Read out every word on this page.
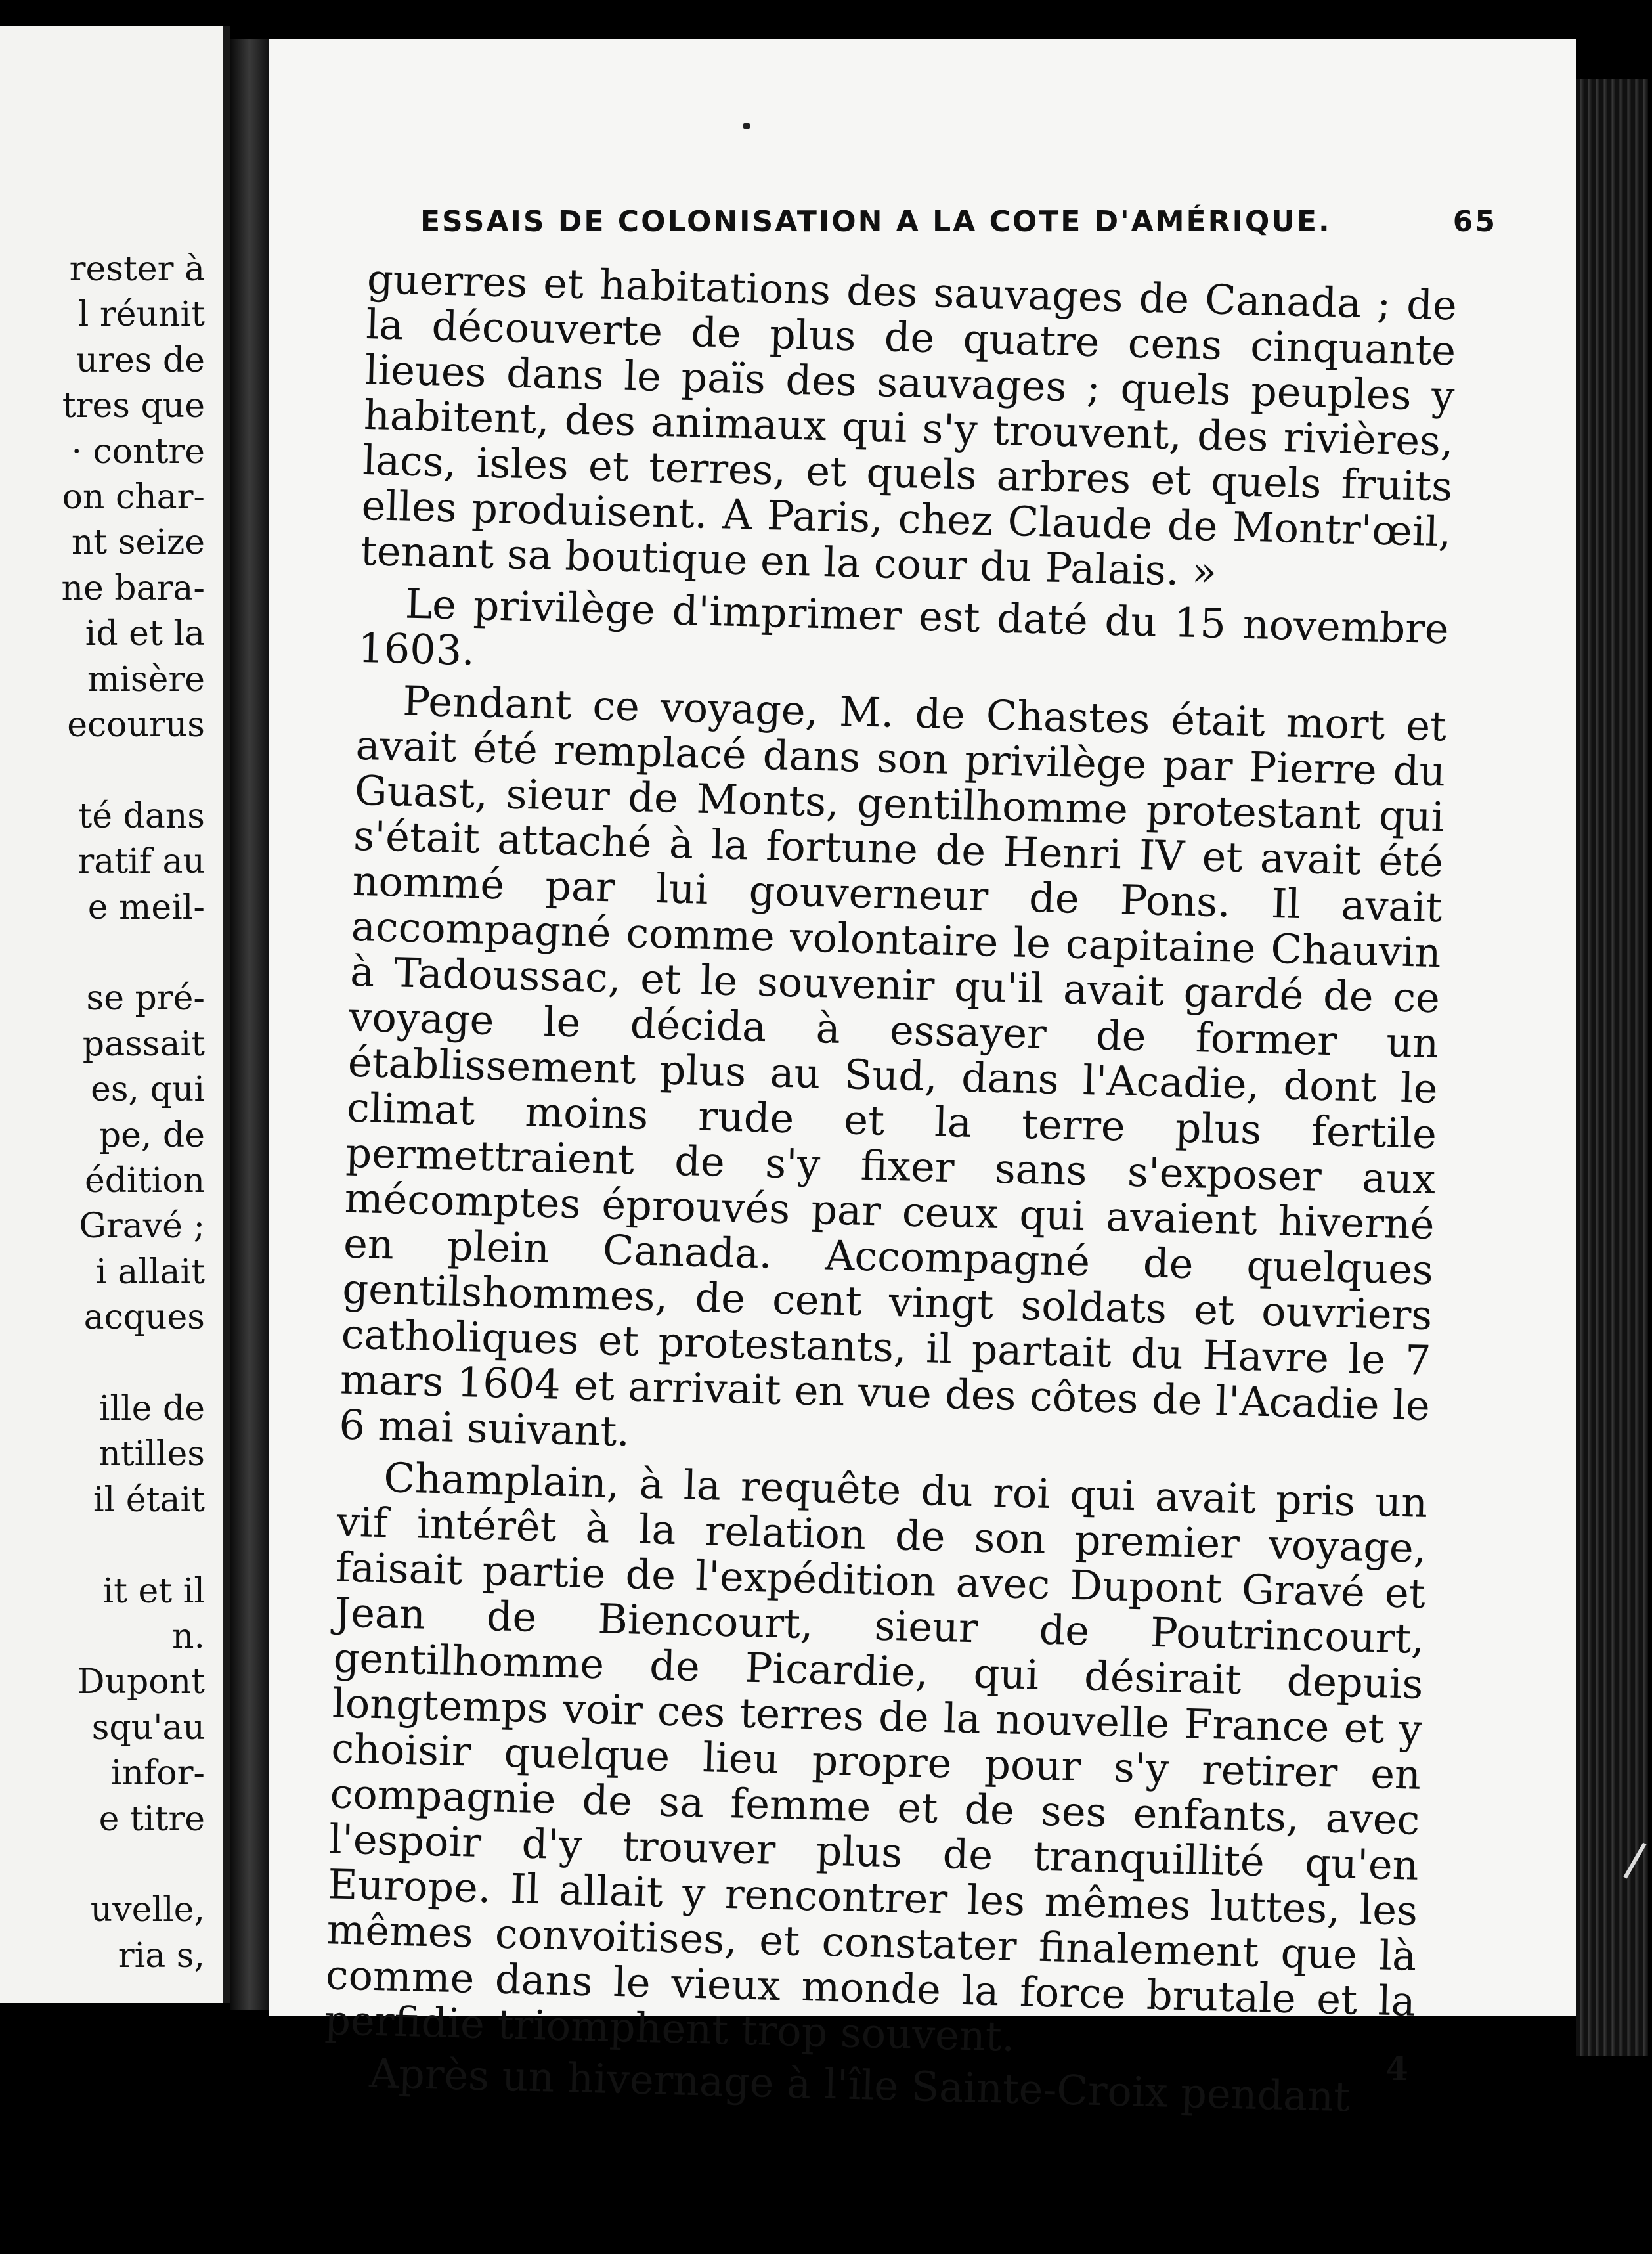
rester à
l réunit
ures de
tres que
· contre
on char-
nt seize
ne bara-
id et la
misère
ecourus
té dans
ratif au
e meil-
se pré-
passait
es, qui
pe, de
édition
Gravé ;
i allait
acques
ille de
ntilles
il était
it et il
n.
Dupont
squ'au
infor-
e titre
uvelle,
ria s,
ESSAIS DE COLONISATION A LA COTE D'AMÉRIQUE.	65

guerres et habitations des sauvages de Canada ; de la découverte de plus de quatre cens cinquante lieues dans le païs des sauvages ; quels peuples y habitent, des animaux qui s'y trouvent, des rivières, lacs, isles et terres, et quels arbres et quels fruits elles produisent. A Paris, chez Claude de Montr'œil, tenant sa boutique en la cour du Palais. »

Le privilège d'imprimer est daté du 15 novembre 1603.

Pendant ce voyage, M. de Chastes était mort et avait été remplacé dans son privilège par Pierre du Guast, sieur de Monts, gentilhomme protestant qui s'était attaché à la fortune de Henri IV et avait été nommé par lui gouverneur de Pons. Il avait accompagné comme volontaire le capitaine Chauvin à Tadoussac, et le souvenir qu'il avait gardé de ce voyage le décida à essayer de former un établissement plus au Sud, dans l'Acadie, dont le climat moins rude et la terre plus fertile permettraient de s'y fixer sans s'exposer aux mécomptes éprouvés par ceux qui avaient hiverné en plein Canada. Accompagné de quelques gentilshommes, de cent vingt soldats et ouvriers catholiques et protestants, il partait du Havre le 7 mars 1604 et arrivait en vue des côtes de l'Acadie le 6 mai suivant.

Champlain, à la requête du roi qui avait pris un vif intérêt à la relation de son premier voyage, faisait partie de l'expédition avec Dupont Gravé et Jean de Biencourt, sieur de Poutrincourt, gentilhomme de Picardie, qui désirait depuis longtemps voir ces terres de la nouvelle France et y choisir quelque lieu propre pour s'y retirer en compagnie de sa femme et de ses enfants, avec l'espoir d'y trouver plus de tranquillité qu'en Europe. Il allait y rencontrer les mêmes luttes, les mêmes convoitises, et constater finalement que là comme dans le vieux monde la force brutale et la perfidie triomphent trop souvent.

Après un hivernage à l'île Sainte-Croix pendant	4
